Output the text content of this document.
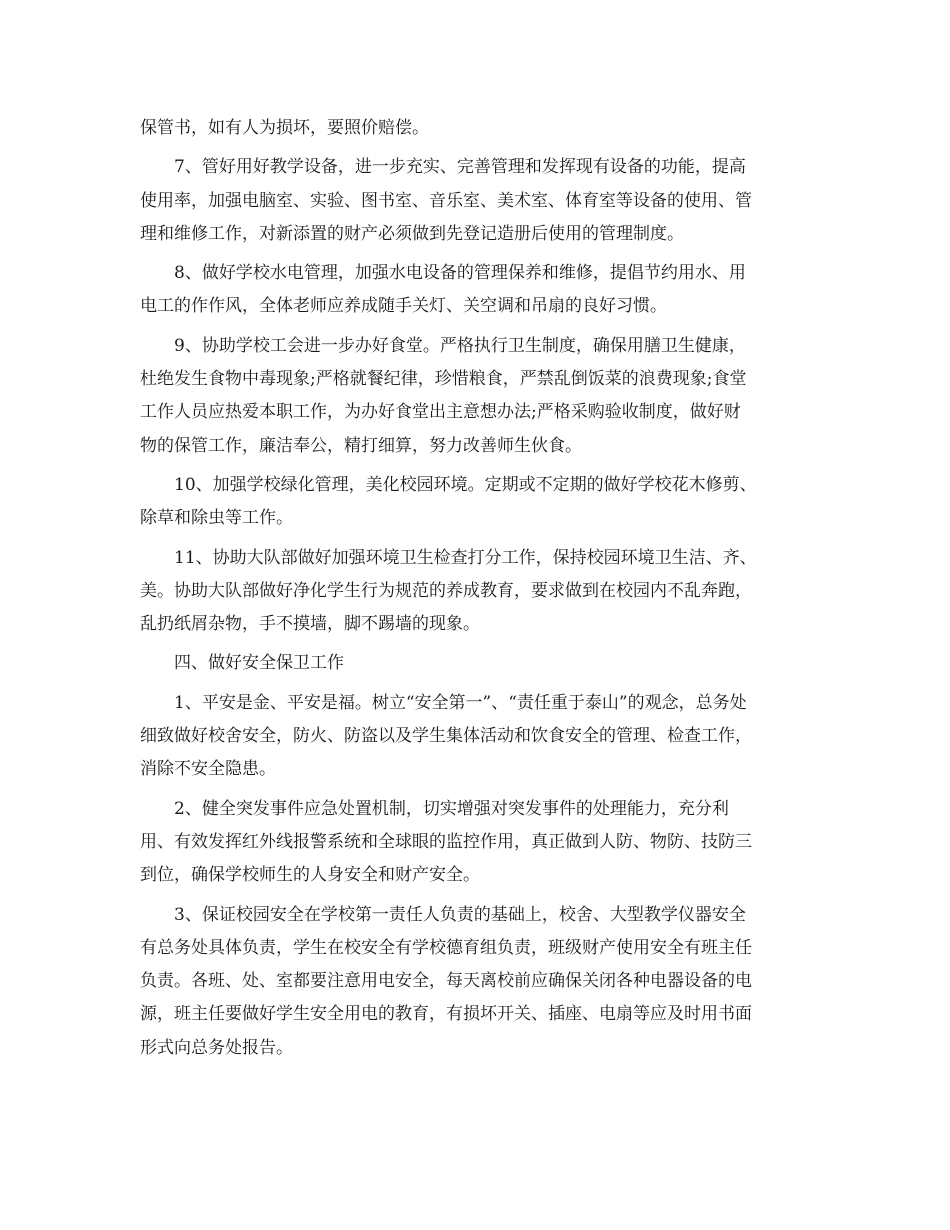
保管书，如有人为损坏，要照价赔偿。
7、管好用好教学设备，进一步充实、完善管理和发挥现有设备的功能，提高
使用率，加强电脑室、实验、图书室、音乐室、美术室、体育室等设备的使用、管
理和维修工作，对新添置的财产必须做到先登记造册后使用的管理制度。
8、做好学校水电管理，加强水电设备的管理保养和维修，提倡节约用水、用
电工的作作风，全体老师应养成随手关灯、关空调和吊扇的良好习惯。
9、协助学校工会进一步办好食堂。严格执行卫生制度，确保用膳卫生健康，
杜绝发生食物中毒现象;严格就餐纪律，珍惜粮食，严禁乱倒饭菜的浪费现象;食堂
工作人员应热爱本职工作，为办好食堂出主意想办法;严格采购验收制度，做好财
物的保管工作，廉洁奉公，精打细算，努力改善师生伙食。
10、加强学校绿化管理，美化校园环境。定期或不定期的做好学校花木修剪、
除草和除虫等工作。
11、协助大队部做好加强环境卫生检查打分工作，保持校园环境卫生洁、齐、
美。协助大队部做好净化学生行为规范的养成教育，要求做到在校园内不乱奔跑，
乱扔纸屑杂物，手不摸墙，脚不踢墙的现象。
四、做好安全保卫工作
1、平安是金、平安是福。树立“安全第一”、“责任重于泰山”的观念，总务处
细致做好校舍安全，防火、防盗以及学生集体活动和饮食安全的管理、检查工作，
消除不安全隐患。
2、健全突发事件应急处置机制，切实增强对突发事件的处理能力，充分利
用、有效发挥红外线报警系统和全球眼的监控作用，真正做到人防、物防、技防三
到位，确保学校师生的人身安全和财产安全。
3、保证校园安全在学校第一责任人负责的基础上，校舍、大型教学仪器安全
有总务处具体负责，学生在校安全有学校德育组负责，班级财产使用安全有班主任
负责。各班、处、室都要注意用电安全，每天离校前应确保关闭各种电器设备的电
源，班主任要做好学生安全用电的教育，有损坏开关、插座、电扇等应及时用书面
形式向总务处报告。
